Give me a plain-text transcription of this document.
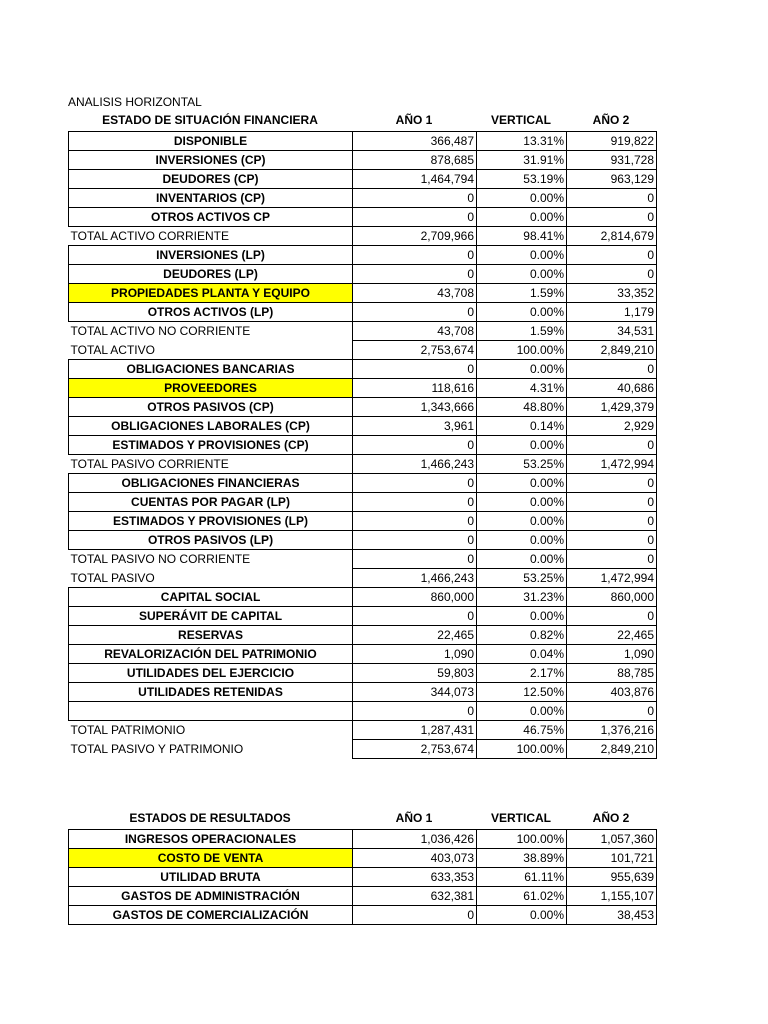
ANALISIS HORIZONTAL
ESTADO DE SITUACIÓN FINANCIERA	AÑO 1	VERTICAL	AÑO 2
DISPONIBLE	366,487	13.31%	919,822
INVERSIONES (CP)	878,685	31.91%	931,728
DEUDORES (CP)	1,464,794	53.19%	963,129
INVENTARIOS (CP)	0	0.00%	0
OTROS ACTIVOS CP	0	0.00%	0
TOTAL ACTIVO CORRIENTE	2,709,966	98.41%	2,814,679
INVERSIONES (LP)	0	0.00%	0
DEUDORES (LP)	0	0.00%	0
PROPIEDADES PLANTA Y EQUIPO	43,708	1.59%	33,352
OTROS ACTIVOS (LP)	0	0.00%	1,179
TOTAL ACTIVO NO CORRIENTE	43,708	1.59%	34,531
TOTAL ACTIVO	2,753,674	100.00%	2,849,210
OBLIGACIONES BANCARIAS	0	0.00%	0
PROVEEDORES	118,616	4.31%	40,686
OTROS PASIVOS (CP)	1,343,666	48.80%	1,429,379
OBLIGACIONES LABORALES (CP)	3,961	0.14%	2,929
ESTIMADOS Y PROVISIONES (CP)	0	0.00%	0
TOTAL PASIVO CORRIENTE	1,466,243	53.25%	1,472,994
OBLIGACIONES FINANCIERAS	0	0.00%	0
CUENTAS POR PAGAR (LP)	0	0.00%	0
ESTIMADOS Y PROVISIONES (LP)	0	0.00%	0
OTROS PASIVOS (LP)	0	0.00%	0
TOTAL PASIVO NO CORRIENTE	0	0.00%	0
TOTAL PASIVO	1,466,243	53.25%	1,472,994
CAPITAL SOCIAL	860,000	31.23%	860,000
SUPERÁVIT DE CAPITAL	0	0.00%	0
RESERVAS	22,465	0.82%	22,465
REVALORIZACIÓN DEL PATRIMONIO	1,090	0.04%	1,090
UTILIDADES DEL EJERCICIO	59,803	2.17%	88,785
UTILIDADES RETENIDAS	344,073	12.50%	403,876
	0	0.00%	0
TOTAL PATRIMONIO	1,287,431	46.75%	1,376,216
TOTAL PASIVO Y PATRIMONIO	2,753,674	100.00%	2,849,210
ESTADOS DE RESULTADOS	AÑO 1	VERTICAL	AÑO 2
INGRESOS OPERACIONALES	1,036,426	100.00%	1,057,360
COSTO DE VENTA	403,073	38.89%	101,721
UTILIDAD BRUTA	633,353	61.11%	955,639
GASTOS DE ADMINISTRACIÓN	632,381	61.02%	1,155,107
GASTOS DE COMERCIALIZACIÓN	0	0.00%	38,453
